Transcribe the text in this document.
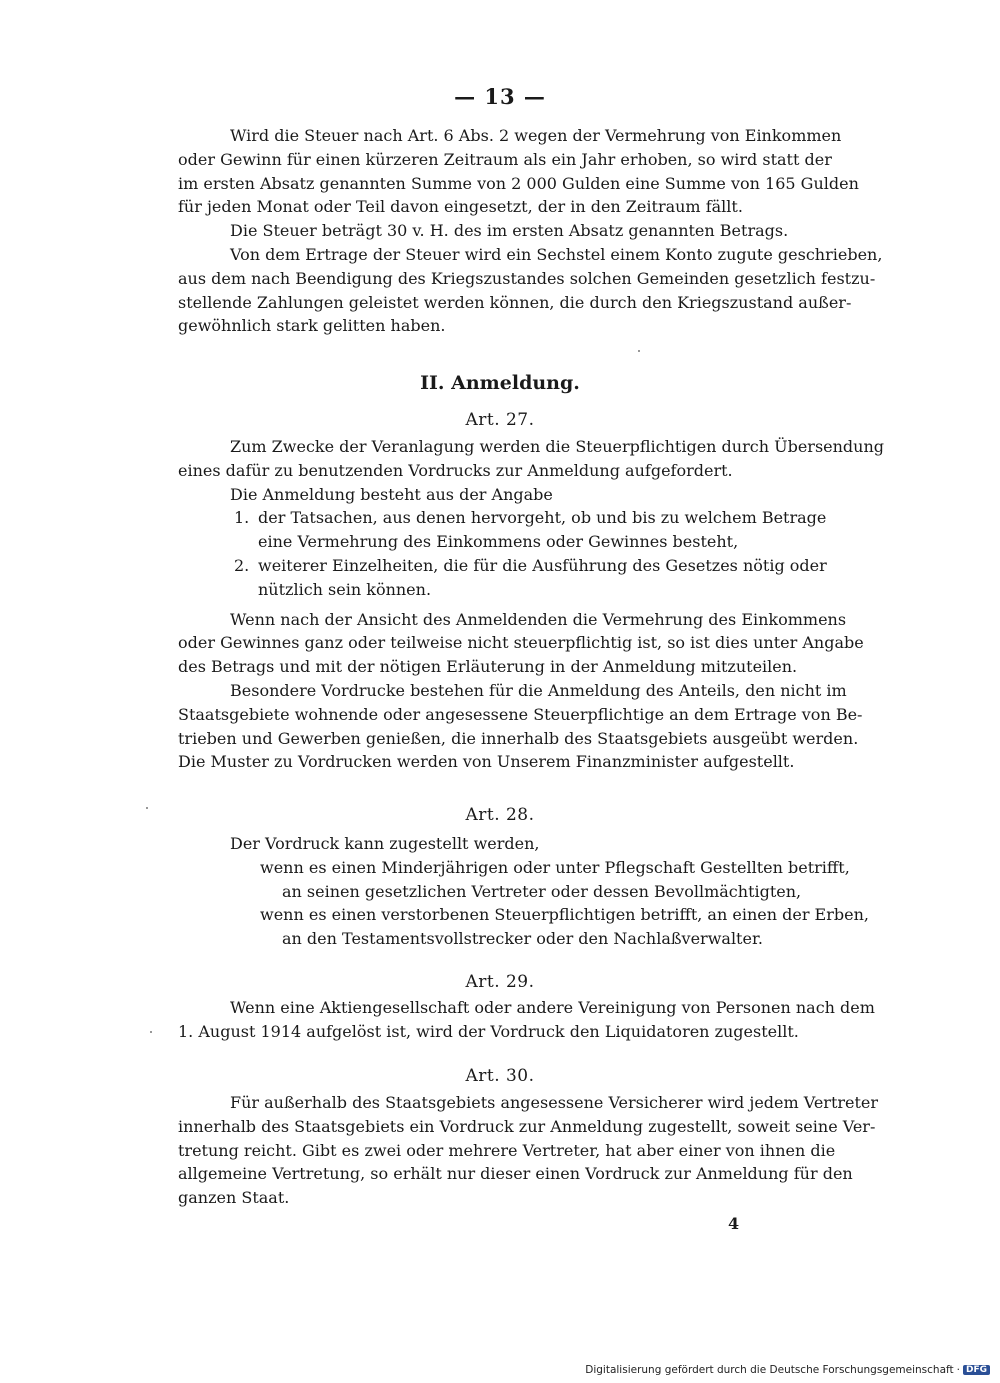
— 13 —
Wird die Steuer nach Art. 6 Abs. 2 wegen der Vermehrung von Einkommen
oder Gewinn für einen kürzeren Zeitraum als ein Jahr erhoben, so wird statt der
im ersten Absatz genannten Summe von 2 000 Gulden eine Summe von 165 Gulden
für jeden Monat oder Teil davon eingesetzt, der in den Zeitraum fällt.
Die Steuer beträgt 30 v. H. des im ersten Absatz genannten Betrags.
Von dem Ertrage der Steuer wird ein Sechstel einem Konto zugute geschrieben,
aus dem nach Beendigung des Kriegszustandes solchen Gemeinden gesetzlich festzu-
stellende Zahlungen geleistet werden können, die durch den Kriegszustand außer-
gewöhnlich stark gelitten haben.
II. Anmeldung.
Art. 27.
Zum Zwecke der Veranlagung werden die Steuerpflichtigen durch Übersendung
eines dafür zu benutzenden Vordrucks zur Anmeldung aufgefordert.
Die Anmeldung besteht aus der Angabe
1. der Tatsachen, aus denen hervorgeht, ob und bis zu welchem Betrage
eine Vermehrung des Einkommens oder Gewinnes besteht,
2. weiterer Einzelheiten, die für die Ausführung des Gesetzes nötig oder
nützlich sein können.
Wenn nach der Ansicht des Anmeldenden die Vermehrung des Einkommens
oder Gewinnes ganz oder teilweise nicht steuerpflichtig ist, so ist dies unter Angabe
des Betrags und mit der nötigen Erläuterung in der Anmeldung mitzuteilen.
Besondere Vordrucke bestehen für die Anmeldung des Anteils, den nicht im
Staatsgebiete wohnende oder angesessene Steuerpflichtige an dem Ertrage von Be-
trieben und Gewerben genießen, die innerhalb des Staatsgebiets ausgeübt werden.
Die Muster zu Vordrucken werden von Unserem Finanzminister aufgestellt.
Art. 28.
Der Vordruck kann zugestellt werden,
wenn es einen Minderjährigen oder unter Pflegschaft Gestellten betrifft,
an seinen gesetzlichen Vertreter oder dessen Bevollmächtigten,
wenn es einen verstorbenen Steuerpflichtigen betrifft, an einen der Erben,
an den Testamentsvollstrecker oder den Nachlaßverwalter.
Art. 29.
Wenn eine Aktiengesellschaft oder andere Vereinigung von Personen nach dem
1. August 1914 aufgelöst ist, wird der Vordruck den Liquidatoren zugestellt.
Art. 30.
Für außerhalb des Staatsgebiets angesessene Versicherer wird jedem Vertreter
innerhalb des Staatsgebiets ein Vordruck zur Anmeldung zugestellt, soweit seine Ver-
tretung reicht. Gibt es zwei oder mehrere Vertreter, hat aber einer von ihnen die
allgemeine Vertretung, so erhält nur dieser einen Vordruck zur Anmeldung für den
ganzen Staat.
4
Digitalisierung gefördert durch die Deutsche Forschungsgemeinschaft · DFG
